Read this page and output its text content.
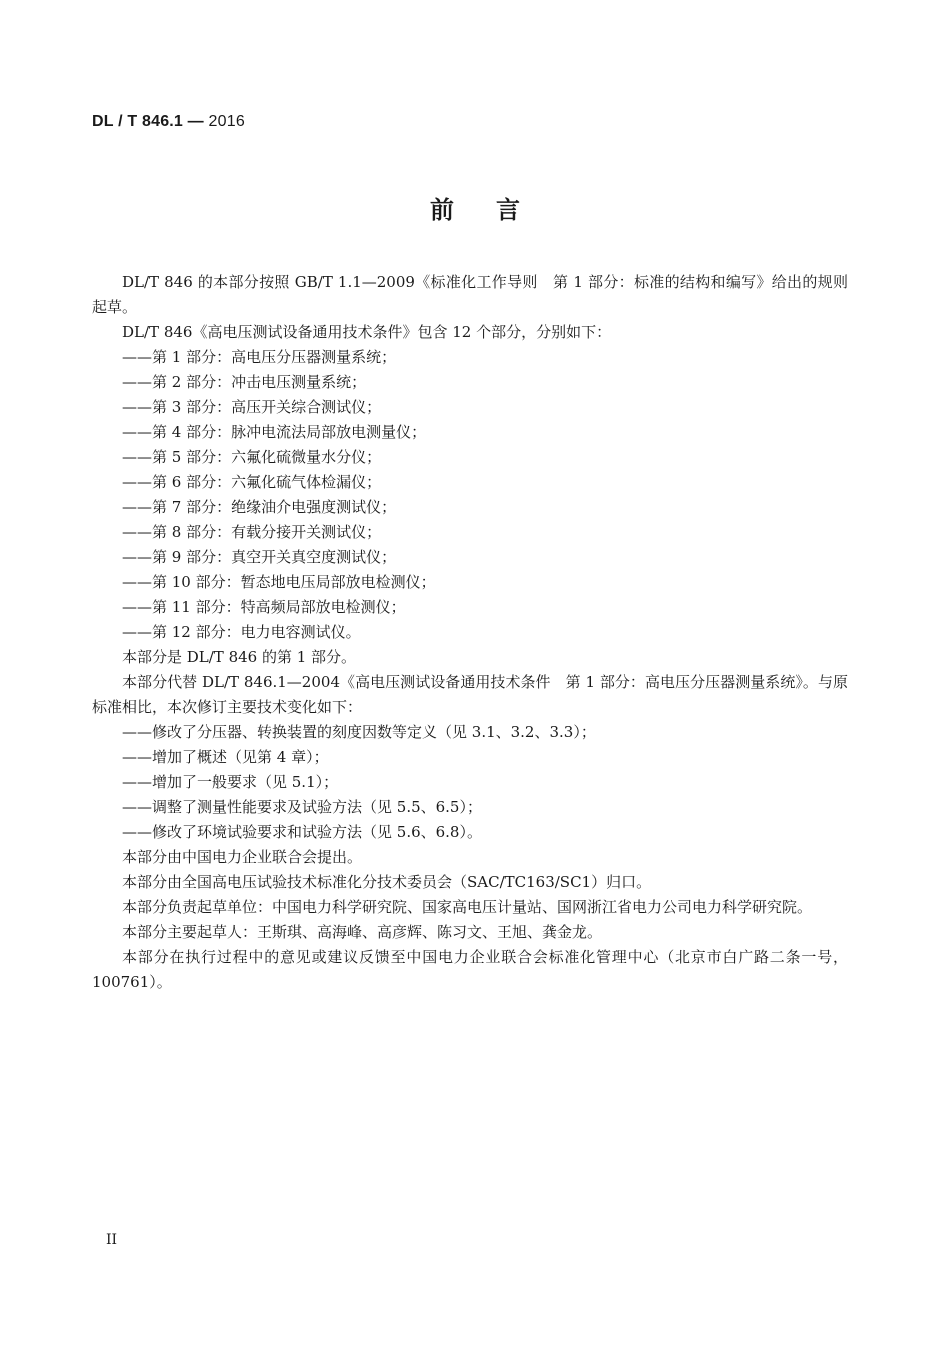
DL / T 846.1 — 2016
前言

DL/T 846 的本部分按照 GB/T 1.1—2009《标准化工作导则　第 1 部分：标准的结构和编写》给出的规则起草。

DL/T 846《高电压测试设备通用技术条件》包含 12 个部分，分别如下：

——第 1 部分：高电压分压器测量系统；

——第 2 部分：冲击电压测量系统；

——第 3 部分：高压开关综合测试仪；

——第 4 部分：脉冲电流法局部放电测量仪；

——第 5 部分：六氟化硫微量水分仪；

——第 6 部分：六氟化硫气体检漏仪；

——第 7 部分：绝缘油介电强度测试仪；

——第 8 部分：有载分接开关测试仪；

——第 9 部分：真空开关真空度测试仪；

——第 10 部分：暂态地电压局部放电检测仪；

——第 11 部分：特高频局部放电检测仪；

——第 12 部分：电力电容测试仪。

本部分是 DL/T 846 的第 1 部分。

本部分代替 DL/T 846.1—2004《高电压测试设备通用技术条件　第 1 部分：高电压分压器测量系统》。与原标准相比，本次修订主要技术变化如下：

——修改了分压器、转换装置的刻度因数等定义（见 3.1、3.2、3.3）；

——增加了概述（见第 4 章）；

——增加了一般要求（见 5.1）；

——调整了测量性能要求及试验方法（见 5.5、6.5）；

——修改了环境试验要求和试验方法（见 5.6、6.8）。

本部分由中国电力企业联合会提出。

本部分由全国高电压试验技术标准化分技术委员会（SAC/TC163/SC1）归口。

本部分负责起草单位：中国电力科学研究院、国家高电压计量站、国网浙江省电力公司电力科学研究院。

本部分主要起草人：王斯琪、高海峰、高彦辉、陈习文、王旭、龚金龙。

本部分在执行过程中的意见或建议反馈至中国电力企业联合会标准化管理中心（北京市白广路二条一号，100761）。

II
